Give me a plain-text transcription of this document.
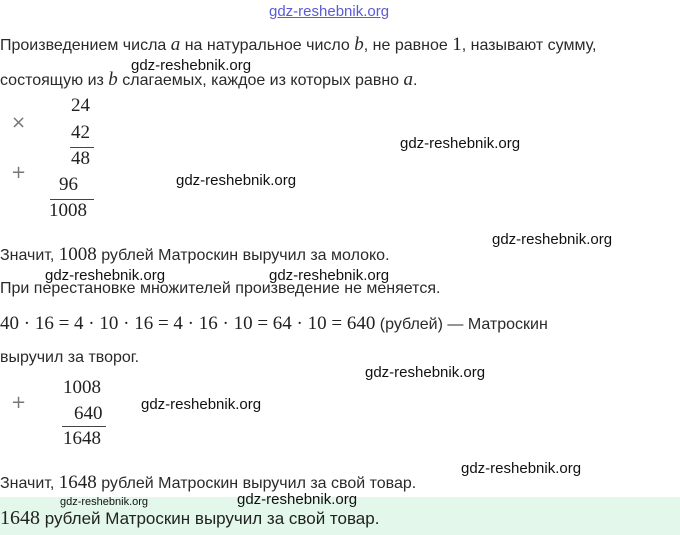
gdz-reshebnik.org
Произведением числа a на натуральное число b, не равное 1, называют сумму,
состоящую из b слагаемых, каждое из которых равно a.
×
24
42
48
+
96
1008
Значит, 1008 рублей Матроскин выручил за молоко.
При перестановке множителей произведение не меняется.
40 · 16 = 4 · 10 · 16 = 4 · 16 · 10 = 64 · 10 = 640 (рублей) — Матроскин
выручил за творог.
+
1008
640
1648
Значит, 1648 рублей Матроскин выручил за свой товар.
1648 рублей Матроскин выручил за свой товар.
gdz-reshebnik.org
gdz-reshebnik.org
gdz-reshebnik.org
gdz-reshebnik.org
gdz-reshebnik.org	gdz-reshebnik.org
gdz-reshebnik.org
gdz-reshebnik.org
gdz-reshebnik.org
gdz-reshebnik.org
gdz-reshebnik.org
